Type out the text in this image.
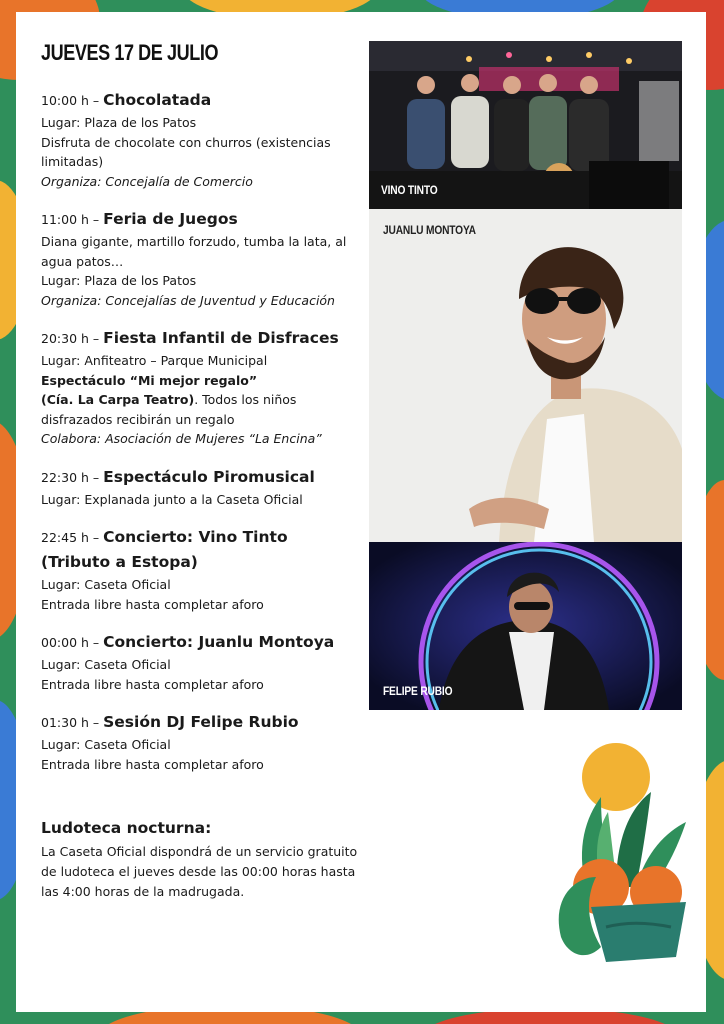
JUEVES 17 DE JULIO
10:00 h – Chocolatada
Lugar: Plaza de los Patos
Disfruta de chocolate con churros (existencias limitadas)
Organiza: Concejalía de Comercio
11:00 h – Feria de Juegos
Diana gigante, martillo forzudo, tumba la lata, al agua patos…
Lugar: Plaza de los Patos
Organiza: Concejalías de Juventud y Educación
20:30 h – Fiesta Infantil de Disfraces
Lugar: Anfiteatro – Parque Municipal
Espectáculo “Mi mejor regalo”
(Cía. La Carpa Teatro). Todos los niños disfrazados recibirán un regalo
Colabora: Asociación de Mujeres “La Encina”
22:30 h – Espectáculo Piromusical
Lugar: Explanada junto a la Caseta Oficial
22:45 h – Concierto: Vino Tinto (Tributo a Estopa)
Lugar: Caseta Oficial
Entrada libre hasta completar aforo
00:00 h – Concierto: Juanlu Montoya
Lugar: Caseta Oficial
Entrada libre hasta completar aforo
01:30 h – Sesión DJ Felipe Rubio
Lugar: Caseta Oficial
Entrada libre hasta completar aforo
Ludoteca nocturna:
La Caseta Oficial dispondrá de un servicio gratuito de ludoteca el jueves desde las 00:00 horas hasta las 4:00 horas de la madrugada.
VINO TINTO
JUANLU MONTOYA
FELIPE RUBIO
